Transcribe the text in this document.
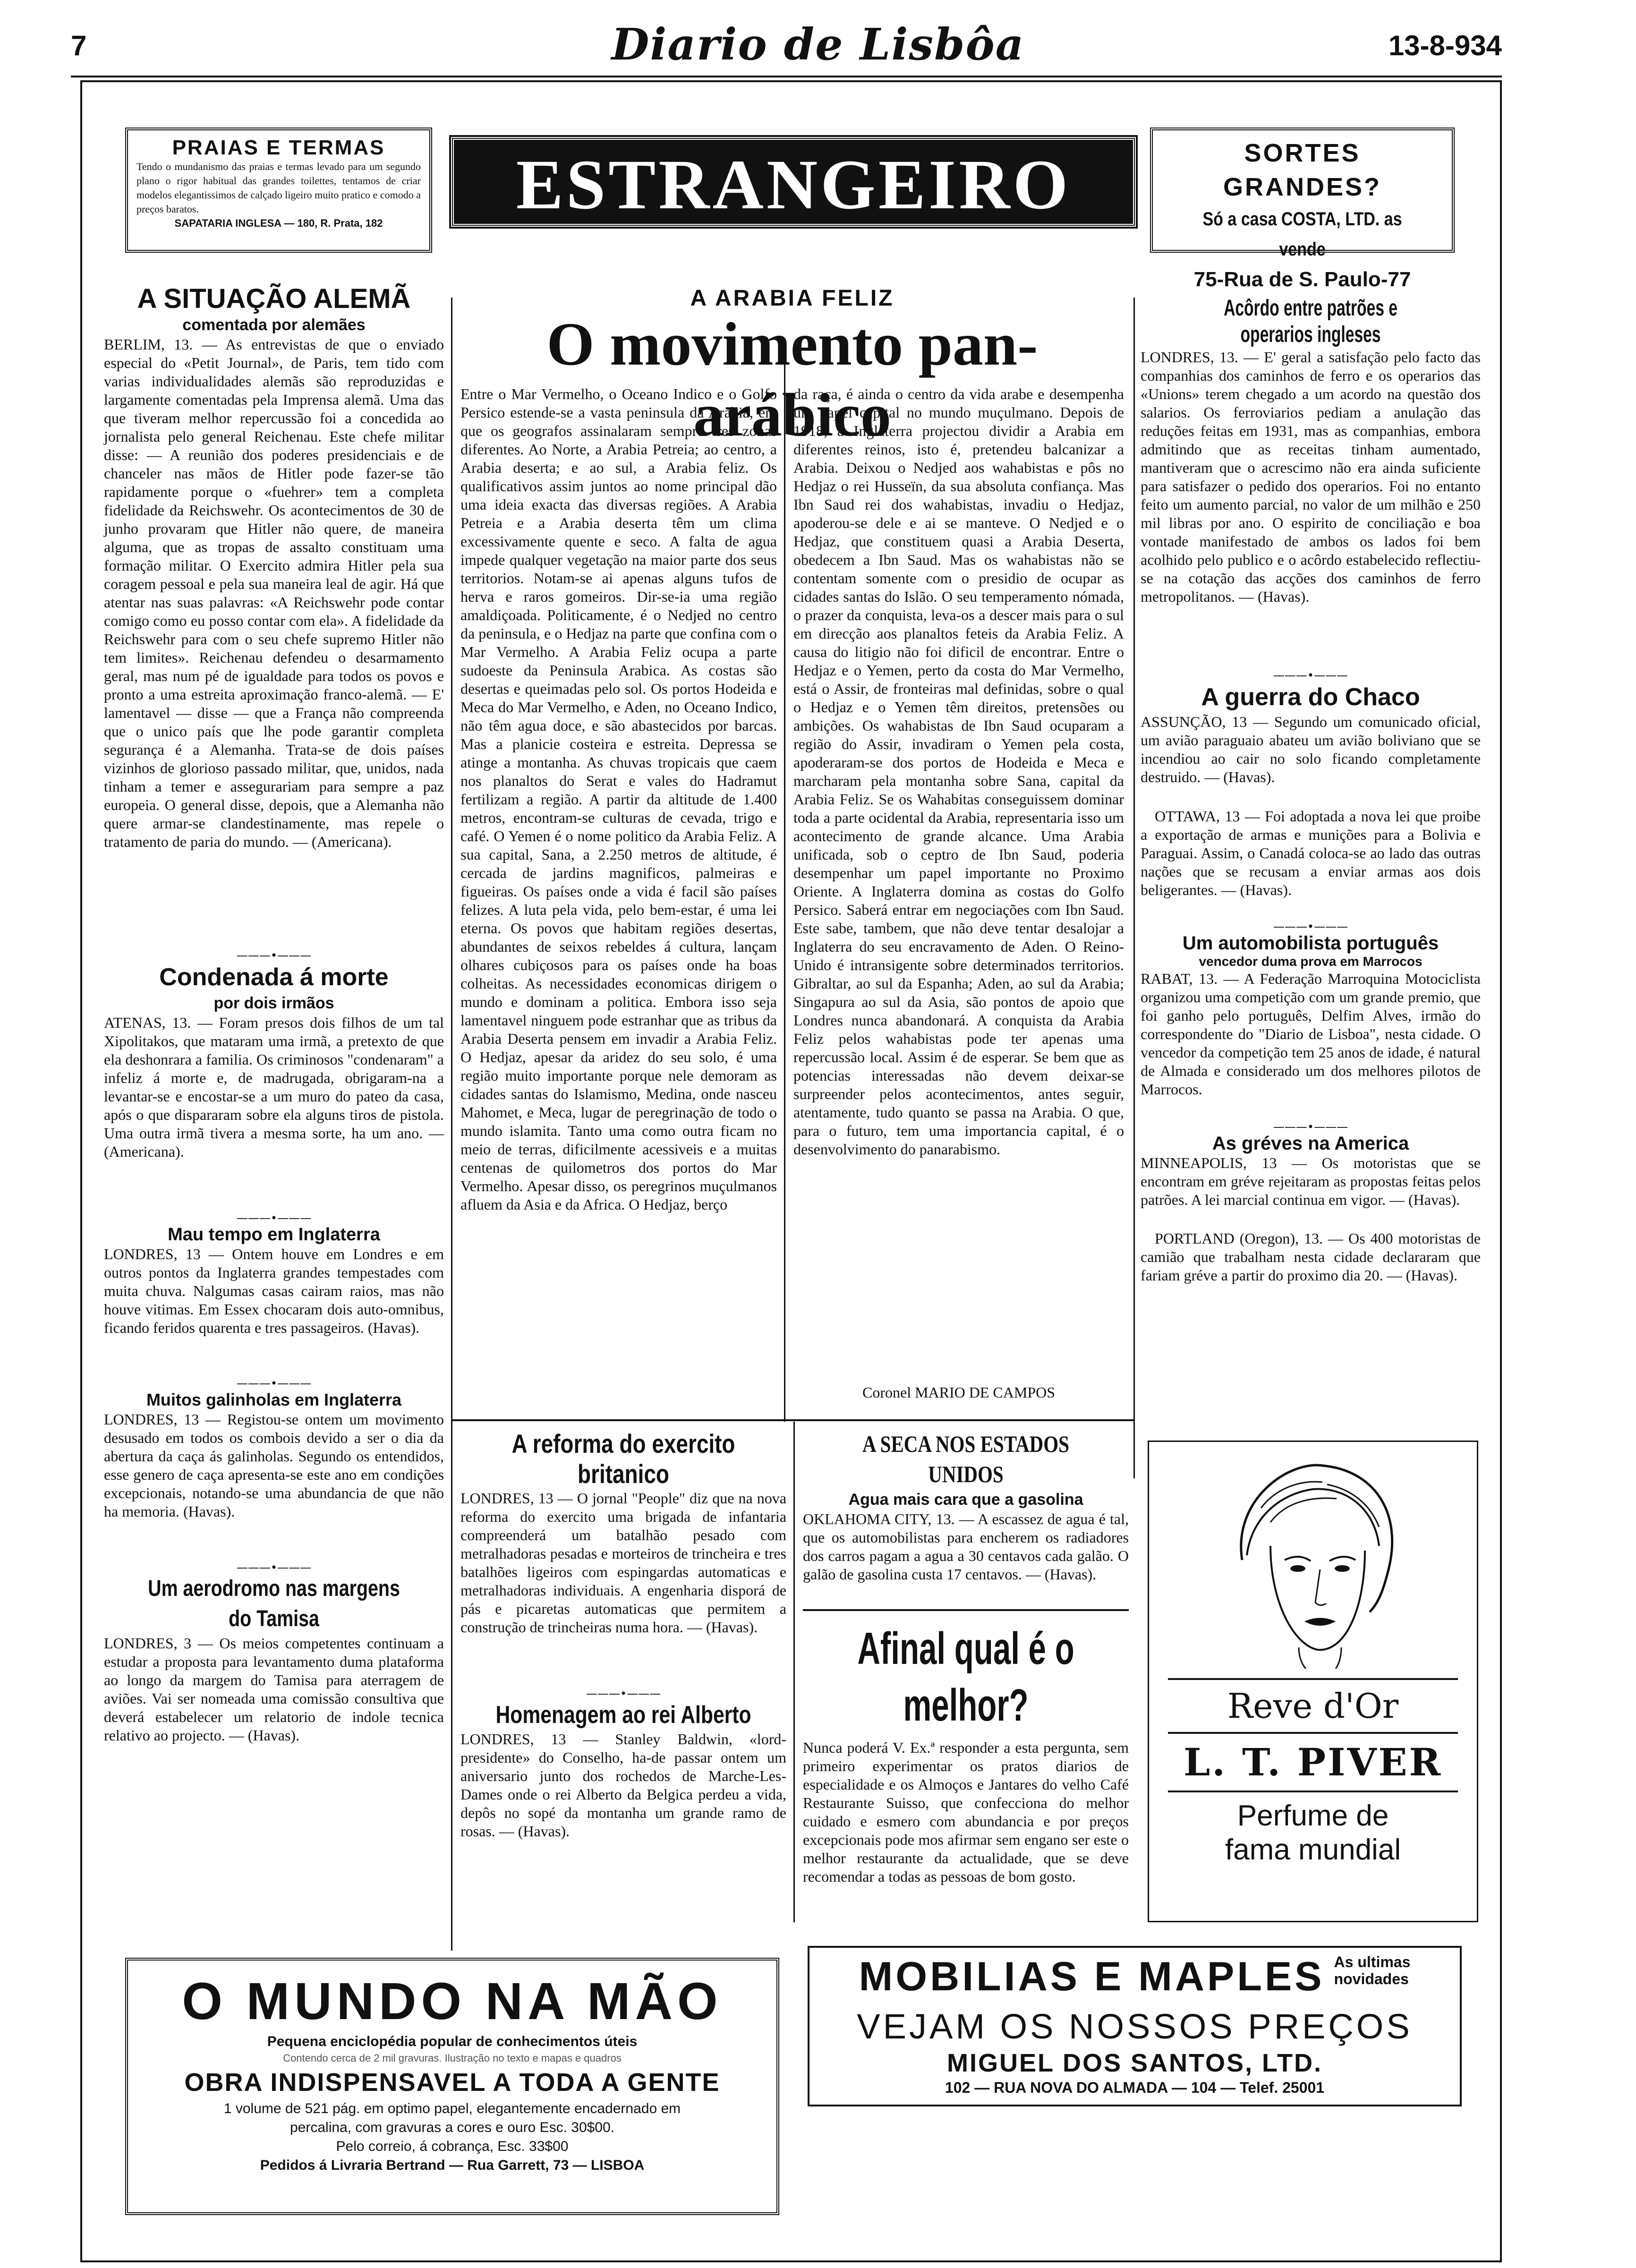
7	Diario de Lisbôa	13-8-934
PRAIAS E TERMAS
Tendo o mundanismo das praias e termas levado para um segundo plano o rigor habitual das grandes toilettes, tentamos de criar modelos elegantissimos de calçado ligeiro muito pratico e comodo a preços baratos.
SAPATARIA INGLESA — 180, R. Prata, 182	ESTRANGEIRO	SORTES GRANDES?
Só a casa COSTA, LTD. as vende
75-Rua de S. Paulo-77
A SITUAÇÃO ALEMÃ
comentada por alemães
BERLIM, 13. — As entrevistas de que o enviado especial do «Petit Journal», de Paris, tem tido com varias individualidades alemãs são reproduzidas e largamente comentadas pela Imprensa alemã. Uma das que tiveram melhor repercussão foi a concedida ao jornalista pelo general Reichenau. Este chefe militar disse: — A reunião dos poderes presidenciais e de chanceler nas mãos de Hitler pode fazer-se tão rapidamente porque o «fuehrer» tem a completa fidelidade da Reichswehr. Os acontecimentos de 30 de junho provaram que Hitler não quere, de maneira alguma, que as tropas de assalto constituam uma formação militar. O Exercito admira Hitler pela sua coragem pessoal e pela sua maneira leal de agir. Há que atentar nas suas palavras: «A Reichswehr pode contar comigo como eu posso contar com ela». A fidelidade da Reichswehr para com o seu chefe supremo Hitler não tem limites». Reichenau defendeu o desarmamento geral, mas num pé de igualdade para todos os povos e pronto a uma estreita aproximação franco-alemã. — E' lamentavel — disse — que a França não compreenda que o unico país que lhe pode garantir completa segurança é a Alemanha. Trata-se de dois países vizinhos de glorioso passado militar, que, unidos, nada tinham a temer e assegurariam para sempre a paz europeia. O general disse, depois, que a Alemanha não quere armar-se clandestinamente, mas repele o tratamento de paria do mundo. — (Americana).
———•———
Condenada á morte
por dois irmãos
ATENAS, 13. — Foram presos dois filhos de um tal Xipolitakos, que mataram uma irmã, a pretexto de que ela deshonrara a familia. Os criminosos "condenaram" a infeliz á morte e, de madrugada, obrigaram-na a levantar-se e encostar-se a um muro do pateo da casa, após o que dispararam sobre ela alguns tiros de pistola. Uma outra irmã tivera a mesma sorte, ha um ano. — (Americana).
———•———
Mau tempo em Inglaterra
LONDRES, 13 — Ontem houve em Londres e em outros pontos da Inglaterra grandes tempestades com muita chuva. Nalgumas casas cairam raios, mas não houve vitimas. Em Essex chocaram dois auto-omnibus, ficando feridos quarenta e tres passageiros. (Havas).
———•———
Muitos galinholas em Inglaterra
LONDRES, 13 — Registou-se ontem um movimento desusado em todos os combois devido a ser o dia da abertura da caça ás galinholas. Segundo os entendidos, esse genero de caça apresenta-se este ano em condições excepcionais, notando-se uma abundancia de que não ha memoria. (Havas).
———•———
Um aerodromo nas margens do Tamisa
LONDRES, 3 — Os meios competentes continuam a estudar a proposta para levantamento duma plataforma ao longo da margem do Tamisa para aterragem de aviões. Vai ser nomeada uma comissão consultiva que deverá estabelecer um relatorio de indole tecnica relativo ao projecto. — (Havas).
A ARABIA FELIZ
O movimento pan-arábico
Entre o Mar Vermelho, o Oceano Indico e o Golfo Persico estende-se a vasta peninsula da Arabia, em que os geografos assinalaram sempre tres zonas diferentes. Ao Norte, a Arabia Petreia; ao centro, a Arabia deserta; e ao sul, a Arabia feliz. Os qualificativos assim juntos ao nome principal dão uma ideia exacta das diversas regiões. A Arabia Petreia e a Arabia deserta têm um clima excessivamente quente e seco. A falta de agua impede qualquer vegetação na maior parte dos seus territorios. Notam-se ai apenas alguns tufos de herva e raros gomeiros. Dir-se-ia uma região amaldiçoada. Politicamente, é o Nedjed no centro da peninsula, e o Hedjaz na parte que confina com o Mar Vermelho. A Arabia Feliz ocupa a parte sudoeste da Peninsula Arabica. As costas são desertas e queimadas pelo sol. Os portos Hodeida e Meca do Mar Vermelho, e Aden, no Oceano Indico, não têm agua doce, e são abastecidos por barcas. Mas a planicie costeira e estreita. Depressa se atinge a montanha. As chuvas tropicais que caem nos planaltos do Serat e vales do Hadramut fertilizam a região. A partir da altitude de 1.400 metros, encontram-se culturas de cevada, trigo e café. O Yemen é o nome politico da Arabia Feliz. A sua capital, Sana, a 2.250 metros de altitude, é cercada de jardins magnificos, palmeiras e figueiras. Os países onde a vida é facil são países felizes. A luta pela vida, pelo bem-estar, é uma lei eterna. Os povos que habitam regiões desertas, abundantes de seixos rebeldes á cultura, lançam olhares cubiçosos para os países onde ha boas colheitas. As necessidades economicas dirigem o mundo e dominam a politica. Embora isso seja lamentavel ninguem pode estranhar que as tribus da Arabia Deserta pensem em invadir a Arabia Feliz. O Hedjaz, apesar da aridez do seu solo, é uma região muito importante porque nele demoram as cidades santas do Islamismo, Medina, onde nasceu Mahomet, e Meca, lugar de peregrinação de todo o mundo islamita. Tanto uma como outra ficam no meio de terras, dificilmente acessiveis e a muitas centenas de quilometros dos portos do Mar Vermelho. Apesar disso, os peregrinos muçulmanos afluem da Asia e da Africa. O Hedjaz, berço
da raça, é ainda o centro da vida arabe e desempenha um papel capital no mundo muçulmano. Depois de 1918, a Inglaterra projectou dividir a Arabia em diferentes reinos, isto é, pretendeu balcanizar a Arabia. Deixou o Nedjed aos wahabistas e pôs no Hedjaz o rei Husseïn, da sua absoluta confiança. Mas Ibn Saud rei dos wahabistas, invadiu o Hedjaz, apoderou-se dele e ai se manteve. O Nedjed e o Hedjaz, que constituem quasi a Arabia Deserta, obedecem a Ibn Saud. Mas os wahabistas não se contentam somente com o presidio de ocupar as cidades santas do Islão. O seu temperamento nómada, o prazer da conquista, leva-os a descer mais para o sul em direcção aos planaltos feteis da Arabia Feliz. A causa do litigio não foi dificil de encontrar. Entre o Hedjaz e o Yemen, perto da costa do Mar Vermelho, está o Assir, de fronteiras mal definidas, sobre o qual o Hedjaz e o Yemen têm direitos, pretensões ou ambições. Os wahabistas de Ibn Saud ocuparam a região do Assir, invadiram o Yemen pela costa, apoderaram-se dos portos de Hodeida e Meca e marcharam pela montanha sobre Sana, capital da Arabia Feliz. Se os Wahabitas conseguissem dominar toda a parte ocidental da Arabia, representaria isso um acontecimento de grande alcance. Uma Arabia unificada, sob o ceptro de Ibn Saud, poderia desempenhar um papel importante no Proximo Oriente. A Inglaterra domina as costas do Golfo Persico. Saberá entrar em negociações com Ibn Saud. Este sabe, tambem, que não deve tentar desalojar a Inglaterra do seu encravamento de Aden. O Reino-Unido é intransigente sobre determinados territorios. Gibraltar, ao sul da Espanha; Aden, ao sul da Arabia; Singapura ao sul da Asia, são pontos de apoio que Londres nunca abandonará. A conquista da Arabia Feliz pelos wahabistas pode ter apenas uma repercussão local. Assim é de esperar. Se bem que as potencias interessadas não devem deixar-se surpreender pelos acontecimentos, antes seguir, atentamente, tudo quanto se passa na Arabia. O que, para o futuro, tem uma importancia capital, é o desenvolvimento do panarabismo.
Coronel MARIO DE CAMPOS
A reforma do exercito britanico
LONDRES, 13 — O jornal "People" diz que na nova reforma do exercito uma brigada de infantaria compreenderá um batalhão pesado com metralhadoras pesadas e morteiros de trincheira e tres batalhões ligeiros com espingardas automaticas e metralhadoras individuais. A engenharia disporá de pás e picaretas automaticas que permitem a construção de trincheiras numa hora. — (Havas).
———•———
Homenagem ao rei Alberto
LONDRES, 13 — Stanley Baldwin, «lord-presidente» do Conselho, ha-de passar ontem um aniversario junto dos rochedos de Marche-Les-Dames onde o rei Alberto da Belgica perdeu a vida, depôs no sopé da montanha um grande ramo de rosas. — (Havas).
A SECA NOS ESTADOS UNIDOS
Agua mais cara que a gasolina
OKLAHOMA CITY, 13. — A escassez de agua é tal, que os automobilistas para encherem os radiadores dos carros pagam a agua a 30 centavos cada galão. O galão de gasolina custa 17 centavos. — (Havas).
Afinal qual é o melhor?
Nunca poderá V. Ex.ª responder a esta pergunta, sem primeiro experimentar os pratos diarios de especialidade e os Almoços e Jantares do velho Café Restaurante Suisso, que confecciona do melhor cuidado e esmero com abundancia e por preços excepcionais pode mos afirmar sem engano ser este o melhor restaurante da actualidade, que se deve recomendar a todas as pessoas de bom gosto.
Acôrdo entre patrões e operarios ingleses
LONDRES, 13. — E' geral a satisfação pelo facto das companhias dos caminhos de ferro e os operarios das «Unions» terem chegado a um acordo na questão dos salarios. Os ferroviarios pediam a anulação das reduções feitas em 1931, mas as companhias, embora admitindo que as receitas tinham aumentado, mantiveram que o acrescimo não era ainda suficiente para satisfazer o pedido dos operarios. Foi no entanto feito um aumento parcial, no valor de um milhão e 250 mil libras por ano. O espirito de conciliação e boa vontade manifestado de ambos os lados foi bem acolhido pelo publico e o acôrdo estabelecido reflectiu-se na cotação das acções dos caminhos de ferro metropolitanos. — (Havas).
———•———
A guerra do Chaco
ASSUNÇÃO, 13 — Segundo um comunicado oficial, um avião paraguaio abateu um avião boliviano que se incendiou ao cair no solo ficando completamente destruido. — (Havas).
OTTAWA, 13 — Foi adoptada a nova lei que proibe a exportação de armas e munições para a Bolivia e Paraguai. Assim, o Canadá coloca-se ao lado das outras nações que se recusam a enviar armas aos dois beligerantes. — (Havas).
———•———
Um automobilista português
vencedor duma prova em Marrocos
RABAT, 13. — A Federação Marroquina Motociclista organizou uma competição com um grande premio, que foi ganho pelo português, Delfim Alves, irmão do correspondente do "Diario de Lisboa", nesta cidade. O vencedor da competição tem 25 anos de idade, é natural de Almada e considerado um dos melhores pilotos de Marrocos.
———•———
As gréves na America
MINNEAPOLIS, 13 — Os motoristas que se encontram em gréve rejeitaram as propostas feitas pelos patrões. A lei marcial continua em vigor. — (Havas).
PORTLAND (Oregon), 13. — Os 400 motoristas de camião que trabalham nesta cidade declararam que fariam gréve a partir do proximo dia 20. — (Havas).
Reve d'Or
L. T. PIVER
Perfume de
fama mundial
O MUNDO NA MÃO
Pequena enciclopédia popular de conhecimentos úteis
Contendo cerca de 2 mil gravuras. Ilustração no texto e mapas e quadros
OBRA INDISPENSAVEL A TODA A GENTE
1 volume de 521 pág. em optimo papel, elegantemente encadernado em
percalina, com gravuras a cores e ouro Esc. 30$00.
Pelo correio, á cobrança, Esc. 33$00
Pedidos á Livraria Bertrand — Rua Garrett, 73 — LISBOA
MOBILIAS E MAPLES As ultimas
novidades
VEJAM OS NOSSOS PREÇOS
MIGUEL DOS SANTOS, LTD.
102 — RUA NOVA DO ALMADA — 104 — Telef. 25001
